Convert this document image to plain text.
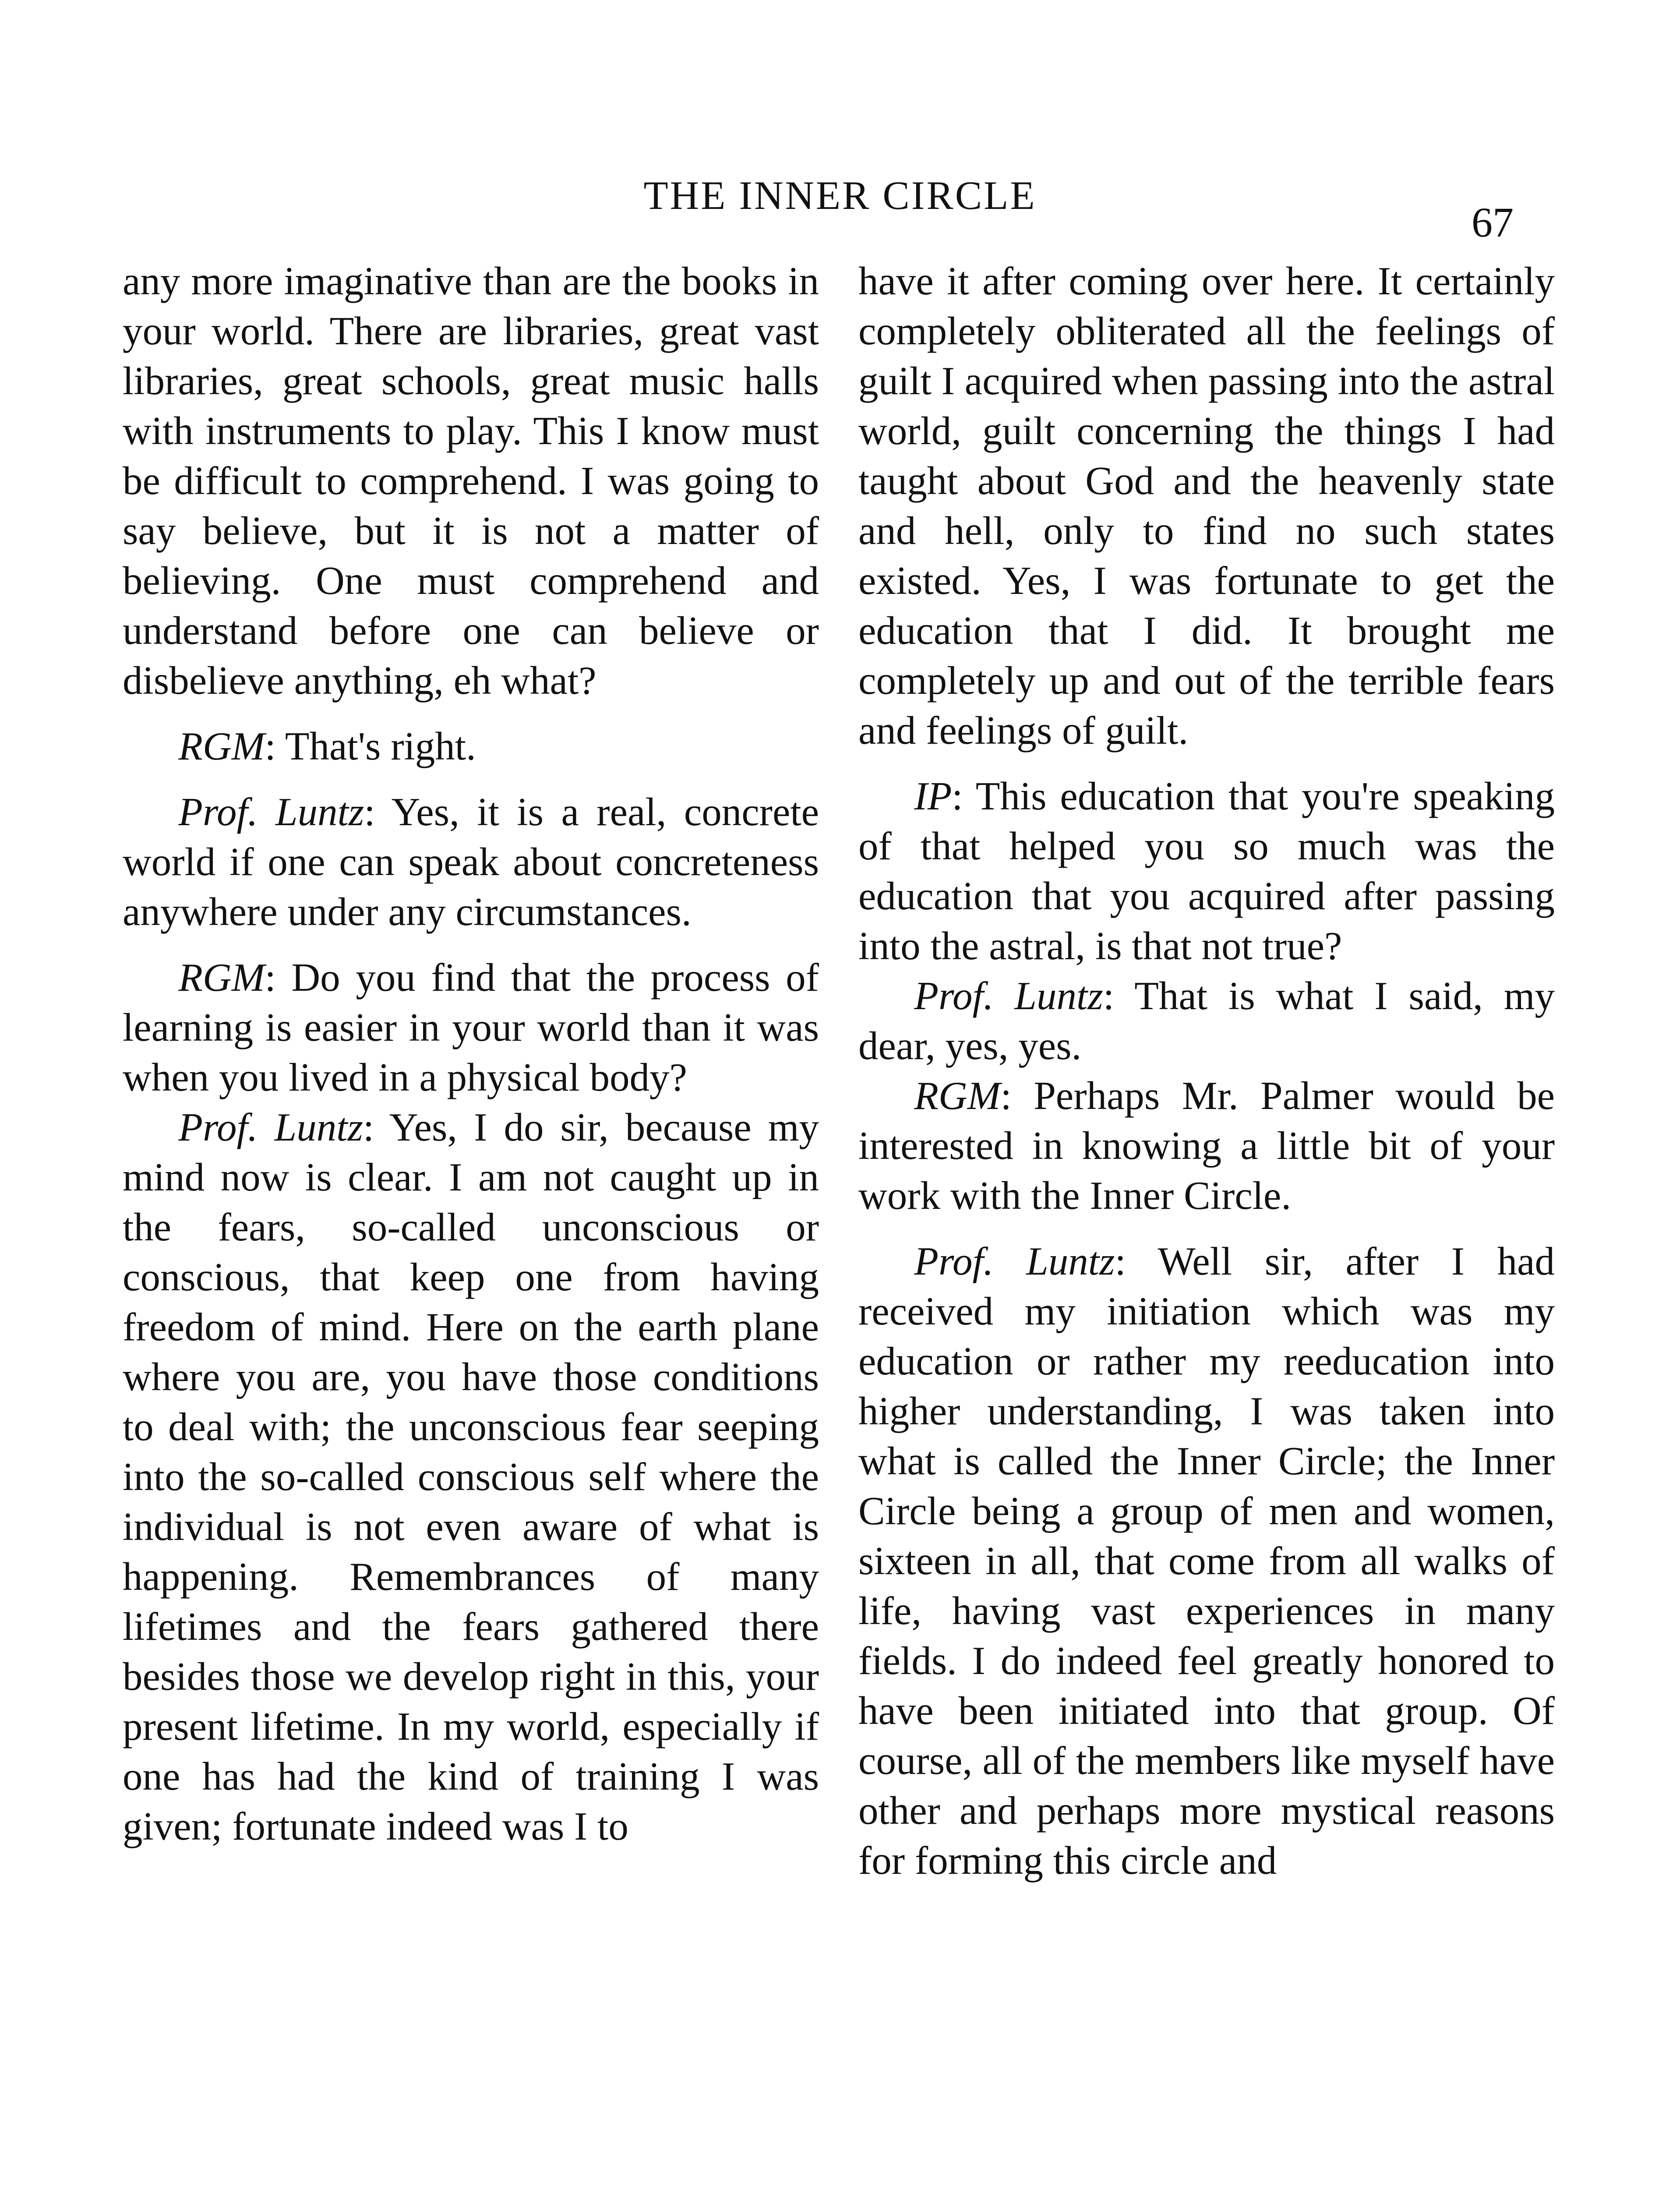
THE INNER CIRCLE
67

any more imaginative than are the books in your world. There are libraries, great vast libraries, great schools, great music halls with instruments to play. This I know must be difficult to comprehend. I was going to say believe, but it is not a matter of believing. One must comprehend and understand before one can believe or disbelieve anything, eh what?

RGM: That's right.

Prof. Luntz: Yes, it is a real, concrete world if one can speak about concreteness anywhere under any circumstances.

RGM: Do you find that the process of learning is easier in your world than it was when you lived in a physical body?

Prof. Luntz: Yes, I do sir, because my mind now is clear. I am not caught up in the fears, so-called unconscious or conscious, that keep one from having freedom of mind. Here on the earth plane where you are, you have those conditions to deal with; the unconscious fear seeping into the so-called conscious self where the individual is not even aware of what is happening. Remembrances of many lifetimes and the fears gathered there besides those we develop right in this, your present lifetime. In my world, especially if one has had the kind of training I was given; fortunate indeed was I to

have it after coming over here. It certainly completely obliterated all the feelings of guilt I acquired when passing into the astral world, guilt concerning the things I had taught about God and the heavenly state and hell, only to find no such states existed. Yes, I was fortunate to get the education that I did. It brought me completely up and out of the terrible fears and feelings of guilt.

IP: This education that you're speaking of that helped you so much was the education that you acquired after passing into the astral, is that not true?

Prof. Luntz: That is what I said, my dear, yes, yes.

RGM: Perhaps Mr. Palmer would be interested in knowing a little bit of your work with the Inner Circle.

Prof. Luntz: Well sir, after I had received my initiation which was my education or rather my reeducation into higher understanding, I was taken into what is called the Inner Circle; the Inner Circle being a group of men and women, sixteen in all, that come from all walks of life, having vast experiences in many fields. I do indeed feel greatly honored to have been initiated into that group. Of course, all of the members like myself have other and perhaps more mystical reasons for forming this circle and
